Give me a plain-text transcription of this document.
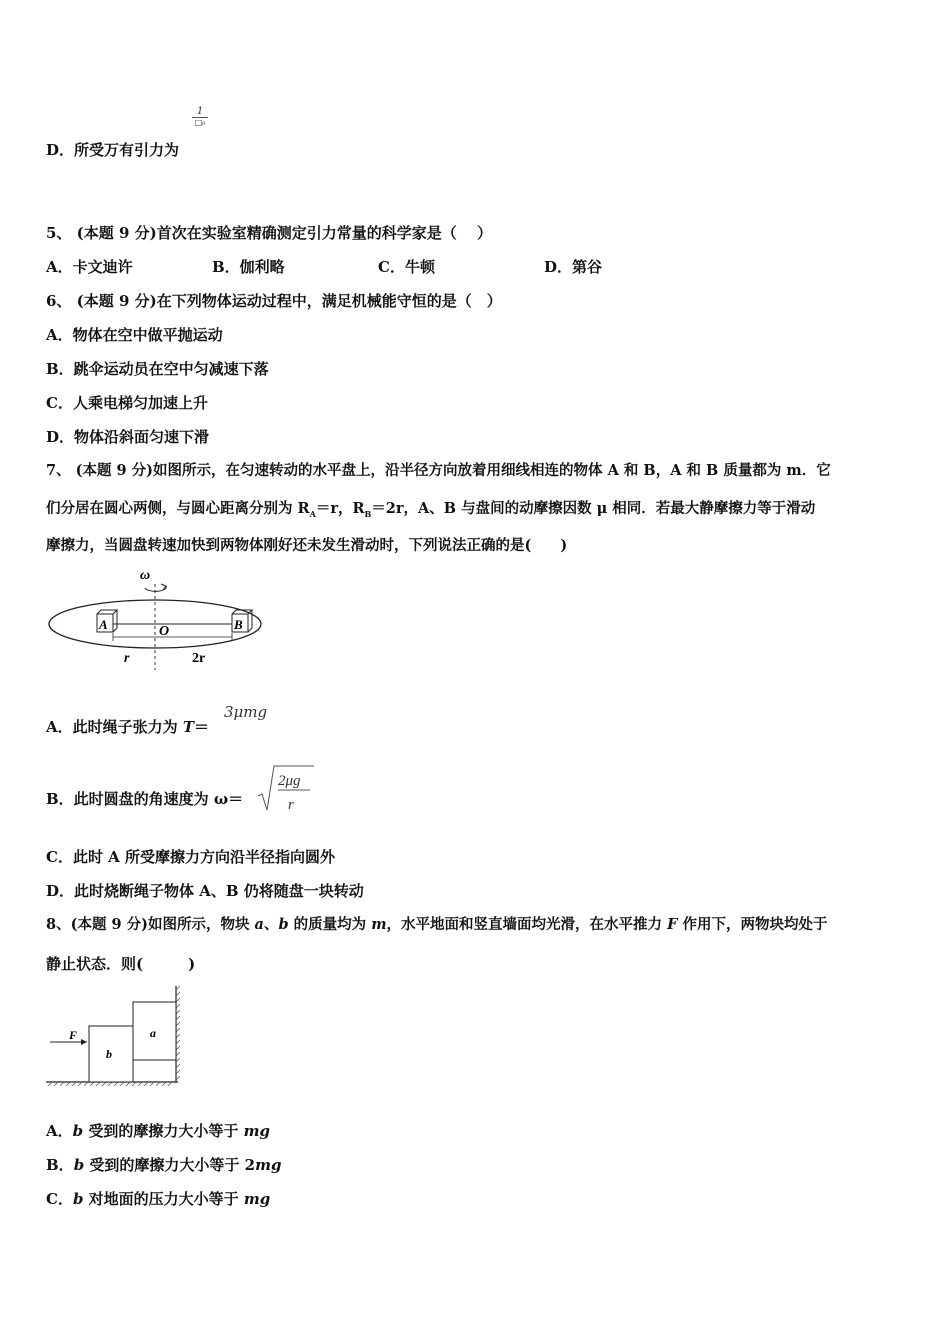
D．所受万有引力为
1
□₀
5、 (本题 9 分)首次在实验室精确测定引力常量的科学家是（　 ）
A．卡文迪许	B．伽利略	C．牛顿	D．第谷
6、 (本题 9 分)在下列物体运动过程中，满足机械能守恒的是（　）
A．物体在空中做平抛运动
B．跳伞运动员在空中匀减速下落
C．人乘电梯匀加速上升
D．物体沿斜面匀速下滑
7、 (本题 9 分)如图所示，在匀速转动的水平盘上，沿半径方向放着用细线相连的物体 A 和 B，A 和 B 质量都为 m．它
们分居在圆心两侧，与圆心距离分别为 $R_A=r$，$R_B=2r$，A、B 与盘间的动摩擦因数 μ 相同．若最大静摩擦力等于滑动
摩擦力，当圆盘转速加快到两物体刚好还未发生滑动时，下列说法正确的是(　　)
ω
A	B
O
r	2r
A．此时绳子张力为 T＝
3μmg
B．此时圆盘的角速度为 ω＝
2μg
r
C．此时 A 所受摩擦力方向沿半径指向圆外
D．此时烧断绳子物体 A、B 仍将随盘一块转动
8、(本题 9 分)如图所示，物块 a、b 的质量均为 m，水平地面和竖直墙面均光滑，在水平推力 F 作用下，两物块均处于
静止状态．则(　　　)
F	a
b
A．b 受到的摩擦力大小等于 mg
B．b 受到的摩擦力大小等于 2mg
C．b 对地面的压力大小等于 mg
